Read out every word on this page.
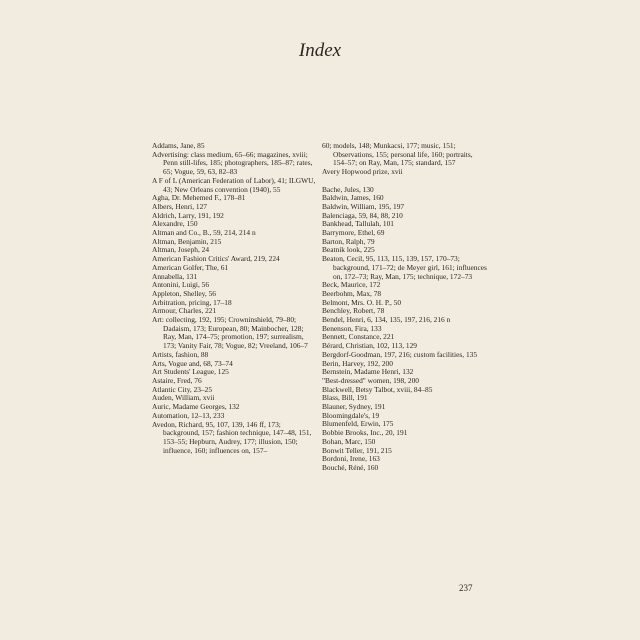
Index
Addams, Jane, 85
Advertising: class medium, 65–66; magazines, xviii; Penn still-lifes, 185; photographers, 185–87; rates, 65; Vogue, 59, 63, 82–83
A F of L (American Federation of Labor), 41; ILGWU, 43; New Orleans convention (1940), 55
Agha, Dr. Mehemed F., 178–81
Albers, Henri, 127
Aldrich, Larry, 191, 192
Alexandre, 150
Altman and Co., B., 59, 214, 214 n
Altman, Benjamin, 215
Altman, Joseph, 24
American Fashion Critics' Award, 219, 224
American Golfer, The, 61
Annabella, 131
Antonini, Luigi, 56
Appleton, Shelley, 56
Arbitration, pricing, 17–18
Armour, Charles, 221
Art: collecting, 192, 195; Crowninshield, 79–80; Dadaism, 173; European, 80; Mainbocher, 128; Ray, Man, 174–75; promotion, 197; surrealism, 173; Vanity Fair, 78; Vogue, 82; Vreeland, 106–7
Artists, fashion, 88
Arts, Vogue and, 68, 73–74
Art Students' League, 125
Astaire, Fred, 76
Atlantic City, 23–25
Auden, William, xvii
Auric, Madame Georges, 132
Automation, 12–13, 233
Avedon, Richard, 95, 107, 139, 146 ff, 173; background, 157; fashion technique, 147–48, 151, 153–55; Hepburn, Audrey, 177; illusion, 150; influence, 160; influences on, 157–
60; models, 148; Munkacsi, 177; music, 151; Observations, 155; personal life, 160; portraits, 154–57; on Ray, Man, 175; standard, 157
Avery Hopwood prize, xvii
Bache, Jules, 130
Baldwin, James, 160
Baldwin, William, 195, 197
Balenciaga, 59, 84, 88, 210
Bankhead, Tallulah, 101
Barrymore, Ethel, 69
Barton, Ralph, 79
Beatnik look, 225
Beaton, Cecil, 95, 113, 115, 139, 157, 170–73; background, 171–72; de Meyer girl, 161; influences on, 172–73; Ray, Man, 175; technique, 172–73
Beck, Maurice, 172
Beerbohm, Max, 78
Belmont, Mrs. O. H. P., 50
Benchley, Robert, 78
Bendel, Henri, 6, 134, 135, 197, 216, 216 n
Benenson, Fira, 133
Bennett, Constance, 221
Bérard, Christian, 102, 113, 129
Bergdorf-Goodman, 197, 216; custom facilities, 135
Berin, Harvey, 192, 200
Bernstein, Madame Henri, 132
"Best-dressed" women, 198, 200
Blackwell, Betsy Talbot, xviii, 84–85
Blass, Bill, 191
Blauner, Sydney, 191
Bloomingdale's, 19
Blumenfeld, Erwin, 175
Bobbie Brooks, Inc., 20, 191
Bohan, Marc, 150
Bonwit Teller, 191, 215
Bordoni, Irene, 163
Bouché, Réné, 160
237
